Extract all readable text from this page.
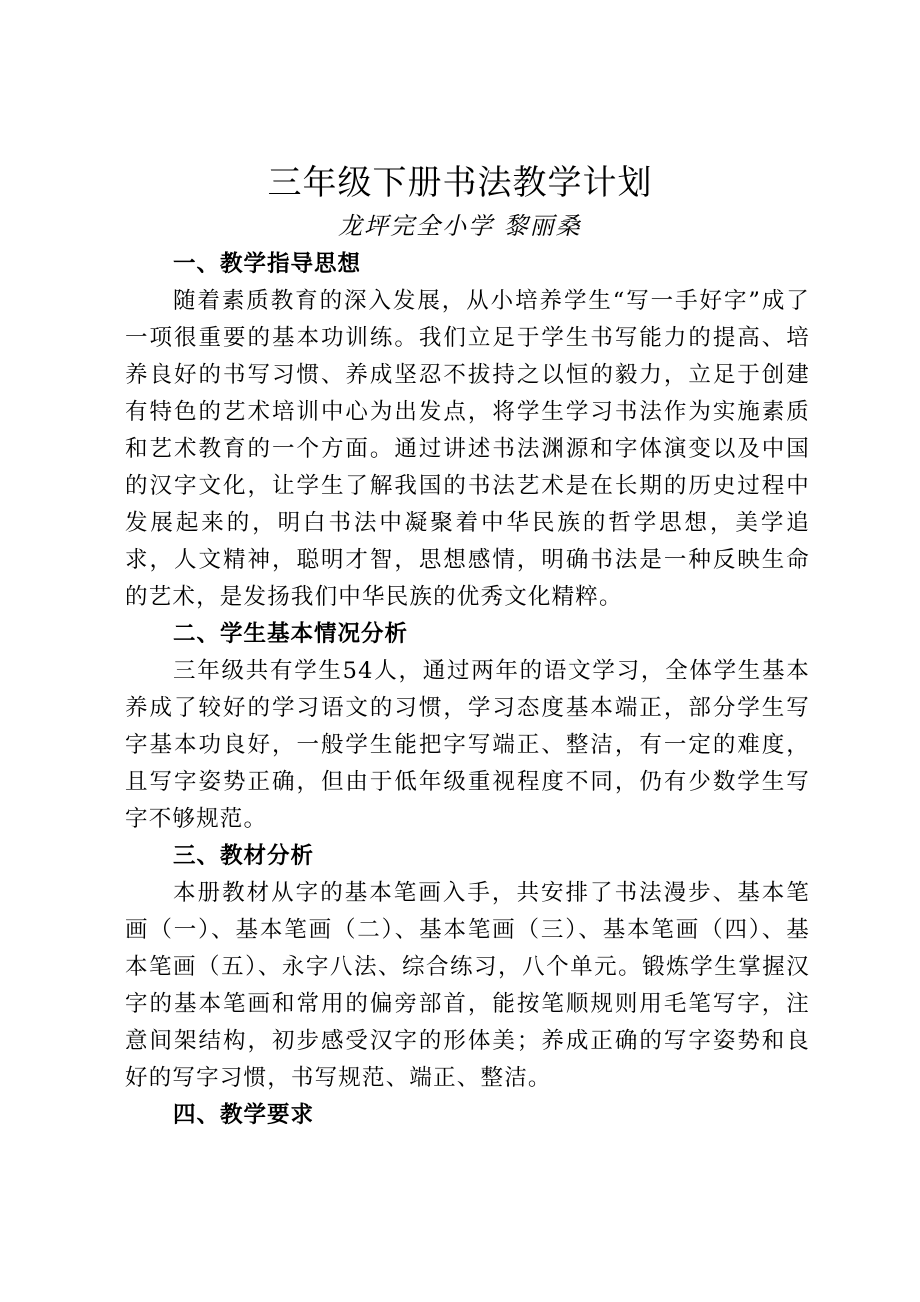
三年级下册书法教学计划
龙坪完全小学 黎丽桑
一、教学指导思想

随着素质教育的深入发展，从小培养学生“写一手好字”成了一项很重要的基本功训练。我们立足于学生书写能力的提高、培养良好的书写习惯、养成坚忍不拔持之以恒的毅力，立足于创建有特色的艺术培训中心为出发点，将学生学习书法作为实施素质和艺术教育的一个方面。通过讲述书法渊源和字体演变以及中国的汉字文化，让学生了解我国的书法艺术是在长期的历史过程中发展起来的，明白书法中凝聚着中华民族的哲学思想，美学追求，人文精神，聪明才智，思想感情，明确书法是一种反映生命的艺术，是发扬我们中华民族的优秀文化精粹。

二、学生基本情况分析

三年级共有学生54人，通过两年的语文学习，全体学生基本养成了较好的学习语文的习惯，学习态度基本端正，部分学生写字基本功良好，一般学生能把字写端正、整洁，有一定的难度，且写字姿势正确，但由于低年级重视程度不同，仍有少数学生写字不够规范。

三、教材分析

本册教材从字的基本笔画入手，共安排了书法漫步、基本笔画（一）、基本笔画（二）、基本笔画（三）、基本笔画（四）、基本笔画（五）、永字八法、综合练习，八个单元。锻炼学生掌握汉字的基本笔画和常用的偏旁部首，能按笔顺规则用毛笔写字，注意间架结构，初步感受汉字的形体美；养成正确的写字姿势和良好的写字习惯，书写规范、端正、整洁。

四、教学要求
